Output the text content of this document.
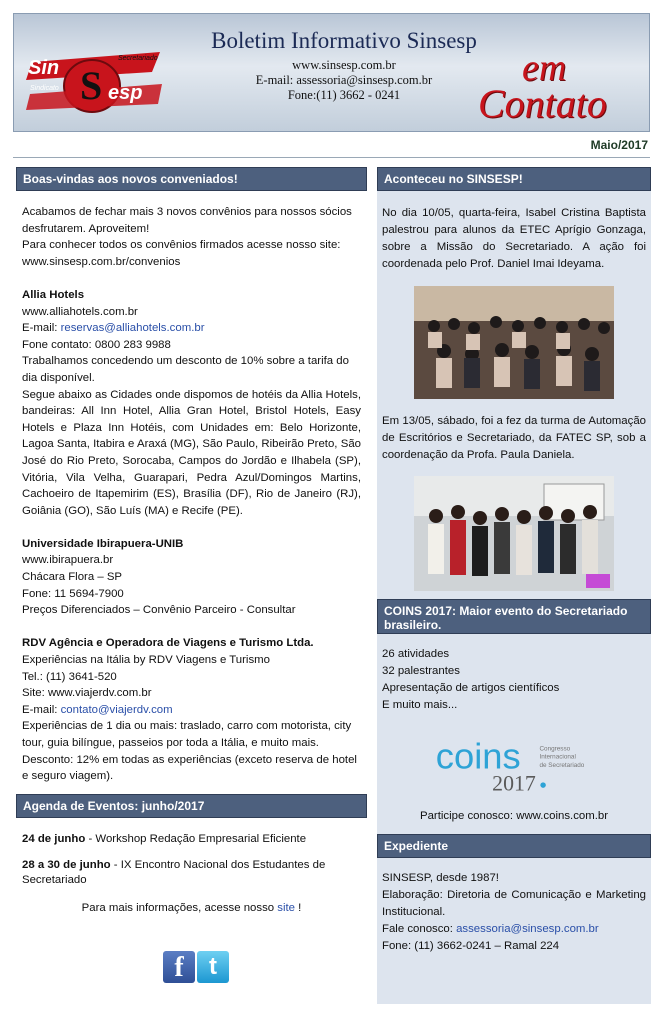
Sin S esp
Secretariado
Sindicato
Boletim Informativo Sinsesp
www.sinsesp.com.br
E-mail: assessoria@sinsesp.com.br
Fone:(11) 3662 - 0241
em
Contato
Maio/2017
Boas-vindas aos novos conveniados!

Acabamos de fechar mais 3 novos convênios para nossos sócios desfrutarem. Aproveitem!

Para conhecer todos os convênios firmados acesse nosso site:

www.sinsesp.com.br/convenios

Allia Hotels

www.alliahotels.com.br

E-mail: reservas@alliahotels.com.br

Fone contato: 0800 283 9988

Trabalhamos concedendo um desconto de 10% sobre a tarifa do dia disponível.

Segue abaixo as Cidades onde dispomos de hotéis da Allia Hotels, bandeiras: All Inn Hotel, Allia Gran Hotel, Bristol Hotels, Easy Hotels e Plaza Inn Hotéis, com Unidades em: Belo Horizonte, Lagoa Santa, Itabira e Araxá (MG), São Paulo, Ribeirão Preto, São José do Rio Preto, Sorocaba, Campos do Jordão e Ilhabela (SP), Vitória, Vila Velha, Guarapari, Pedra Azul/Domingos Martins, Cachoeiro de Itapemirim (ES), Brasília (DF), Rio de Janeiro (RJ), Goiânia (GO), São Luís (MA) e Recife (PE).

Universidade Ibirapuera-UNIB

www.ibirapuera.br

Chácara Flora – SP

Fone: 11 5694-7900

Preços Diferenciados – Convênio Parceiro - Consultar

RDV Agência e Operadora de Viagens e Turismo Ltda.

Experiências na Itália by RDV Viagens e Turismo

Tel.: (11) 3641-520

Site: www.viajerdv.com.br

E-mail: contato@viajerdv.com

Experiências de 1 dia ou mais: traslado, carro com motorista, city tour, guia bilíngue, passeios por toda a Itália, e muito mais.

Desconto: 12% em todas as experiências (exceto reserva de hotel e seguro viagem).

Agenda de Eventos: junho/2017

24 de junho - Workshop Redação Empresarial Eficiente

28 a 30 de junho - IX Encontro Nacional dos Estudantes de Secretariado

Para mais informações, acesse nosso site !

f	t
Aconteceu no SINSESP!
No dia 10/05, quarta-feira, Isabel Cristina Baptista palestrou para alunos da ETEC Aprígio Gonzaga, sobre a Missão do Secretariado. A ação foi coordenada pelo Prof. Daniel Imai Ideyama.
Em 13/05, sábado, foi a fez da turma de Automação de Escritórios e Secretariado, da FATEC SP, sob a coordenação da Profa. Paula Daniela.
COINS 2017: Maior evento do Secretariado brasileiro.
26 atividades
32 palestrantes
Apresentação de artigos científicos
E muito mais...
coins
2017
Congresso
Internacional
de Secretariado
Participe conosco: www.coins.com.br
Expediente
SINSESP, desde 1987!
Elaboração: Diretoria de Comunicação e Marketing Institucional.
Fale conosco: assessoria@sinsesp.com.br
Fone: (11) 3662-0241 – Ramal 224
